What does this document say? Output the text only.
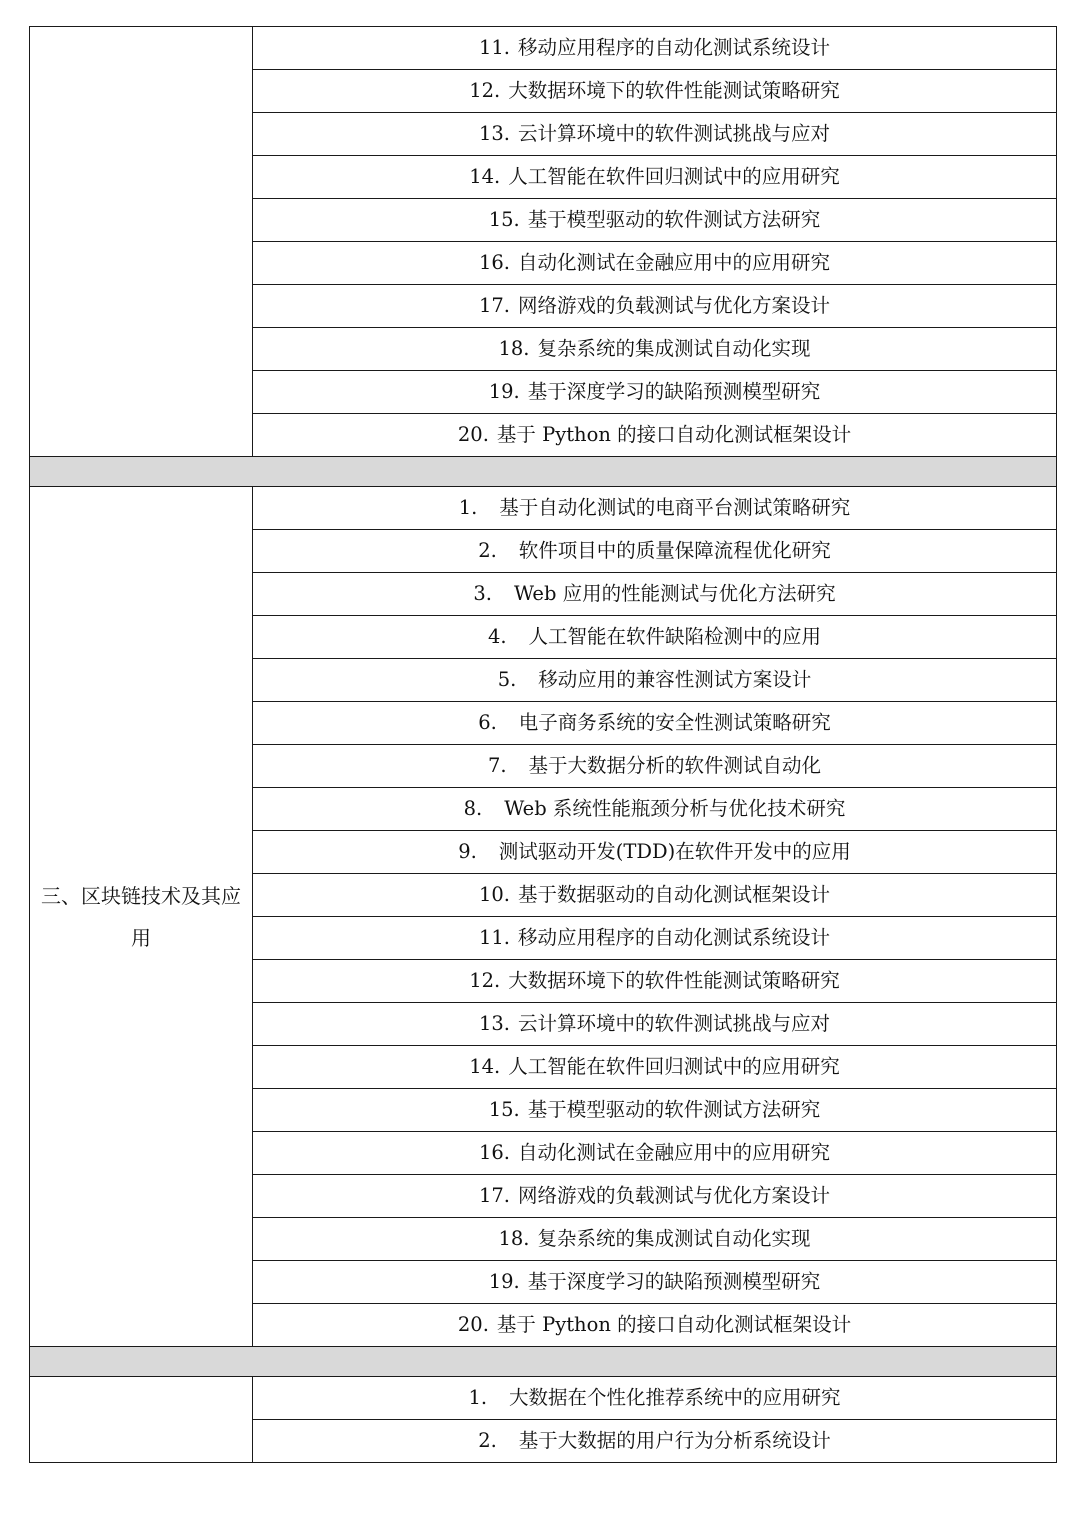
	11. 移动应用程序的自动化测试系统设计
	12. 大数据环境下的软件性能测试策略研究
	13. 云计算环境中的软件测试挑战与应对
	14. 人工智能在软件回归测试中的应用研究
	15. 基于模型驱动的软件测试方法研究
	16. 自动化测试在金融应用中的应用研究
	17. 网络游戏的负载测试与优化方案设计
	18. 复杂系统的集成测试自动化实现
	19. 基于深度学习的缺陷预测模型研究
	20. 基于 Python 的接口自动化测试框架设计

三、区块链技术及其应用	1. 基于自动化测试的电商平台测试策略研究
	2. 软件项目中的质量保障流程优化研究
	3. Web 应用的性能测试与优化方法研究
	4. 人工智能在软件缺陷检测中的应用
	5. 移动应用的兼容性测试方案设计
	6. 电子商务系统的安全性测试策略研究
	7. 基于大数据分析的软件测试自动化
	8. Web 系统性能瓶颈分析与优化技术研究
	9. 测试驱动开发(TDD)在软件开发中的应用
	10. 基于数据驱动的自动化测试框架设计
	11. 移动应用程序的自动化测试系统设计
	12. 大数据环境下的软件性能测试策略研究
	13. 云计算环境中的软件测试挑战与应对
	14. 人工智能在软件回归测试中的应用研究
	15. 基于模型驱动的软件测试方法研究
	16. 自动化测试在金融应用中的应用研究
	17. 网络游戏的负载测试与优化方案设计
	18. 复杂系统的集成测试自动化实现
	19. 基于深度学习的缺陷预测模型研究
	20. 基于 Python 的接口自动化测试框架设计

	1. 大数据在个性化推荐系统中的应用研究
	2. 基于大数据的用户行为分析系统设计
